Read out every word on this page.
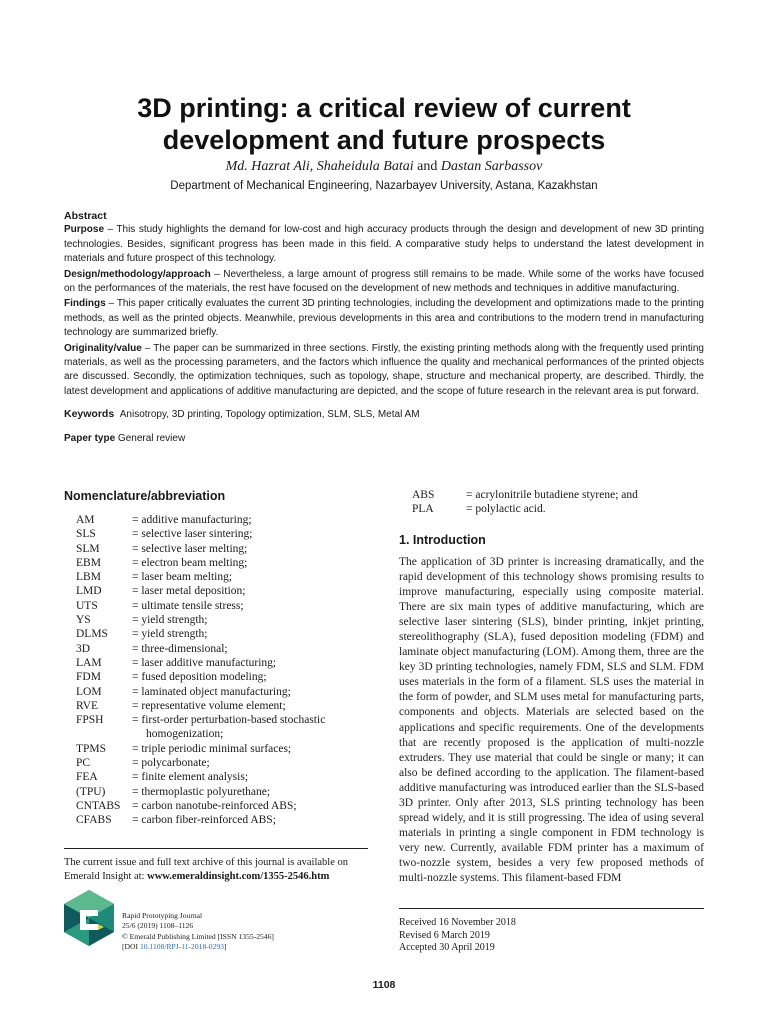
3D printing: a critical review of current
development and future prospects
Md. Hazrat Ali, Shaheidula Batai and Dastan Sarbassov
Department of Mechanical Engineering, Nazarbayev University, Astana, Kazakhstan
Abstract

Purpose – This study highlights the demand for low-cost and high accuracy products through the design and development of new 3D printing technologies. Besides, significant progress has been made in this field. A comparative study helps to understand the latest development in materials and future prospect of this technology.

Design/methodology/approach – Nevertheless, a large amount of progress still remains to be made. While some of the works have focused on the performances of the materials, the rest have focused on the development of new methods and techniques in additive manufacturing.

Findings – This paper critically evaluates the current 3D printing technologies, including the development and optimizations made to the printing methods, as well as the printed objects. Meanwhile, previous developments in this area and contributions to the modern trend in manufacturing technology are summarized briefly.

Originality/value – The paper can be summarized in three sections. Firstly, the existing printing methods along with the frequently used printing materials, as well as the processing parameters, and the factors which influence the quality and mechanical performances of the printed objects are discussed. Secondly, the optimization techniques, such as topology, shape, structure and mechanical property, are described. Thirdly, the latest development and applications of additive manufacturing are depicted, and the scope of future research in the relevant area is put forward.

Keywords Anisotropy, 3D printing, Topology optimization, SLM, SLS, Metal AM

Paper type General review

Nomenclature/abbreviation
AM	= additive manufacturing;
SLS	= selective laser sintering;
SLM	= selective laser melting;
EBM	= electron beam melting;
LBM	= laser beam melting;
LMD	= laser metal deposition;
UTS	= ultimate tensile stress;
YS	= yield strength;
DLMS	= yield strength;
3D	= three-dimensional;
LAM	= laser additive manufacturing;
FDM	= fused deposition modeling;
LOM	= laminated object manufacturing;
RVE	= representative volume element;
FPSH	= first-order perturbation-based stochastic
homogenization;
TPMS	= triple periodic minimal surfaces;
PC	= polycarbonate;
FEA	= finite element analysis;
(TPU)	= thermoplastic polyurethane;
CNTABS	= carbon nanotube-reinforced ABS;
CFABS	= carbon fiber-reinforced ABS;
ABS	= acrylonitrile butadiene styrene; and
PLA	= polylactic acid.
The current issue and full text archive of this journal is available on Emerald Insight at: www.emeraldinsight.com/1355-2546.htm
Rapid Prototyping Journal
25/6 (2019) 1108–1126
© Emerald Publishing Limited [ISSN 1355-2546]
[DOI 10.1108/RPJ-11-2018-0293]
1. Introduction
The application of 3D printer is increasing dramatically, and the rapid development of this technology shows promising results to improve manufacturing, especially using composite material. There are six main types of additive manufacturing, which are selective laser sintering (SLS), binder printing, inkjet printing, stereolithography (SLA), fused deposition modeling (FDM) and laminate object manufacturing (LOM). Among them, three are the key 3D printing technologies, namely FDM, SLS and SLM. FDM uses materials in the form of a filament. SLS uses the material in the form of powder, and SLM uses metal for manufacturing parts, components and objects. Materials are selected based on the applications and specific requirements. One of the developments that are recently proposed is the application of multi-nozzle extruders. They use material that could be single or many; it can also be defined according to the application. The filament-based additive manufacturing was introduced earlier than the SLS-based 3D printer. Only after 2013, SLS printing technology has been spread widely, and it is still progressing. The idea of using several materials in printing a single component in FDM technology is very new. Currently, available FDM printer has a maximum of two-nozzle system, besides a very few proposed methods of multi-nozzle systems. This filament-based FDM
Received 16 November 2018
Revised 6 March 2019
Accepted 30 April 2019
1108
